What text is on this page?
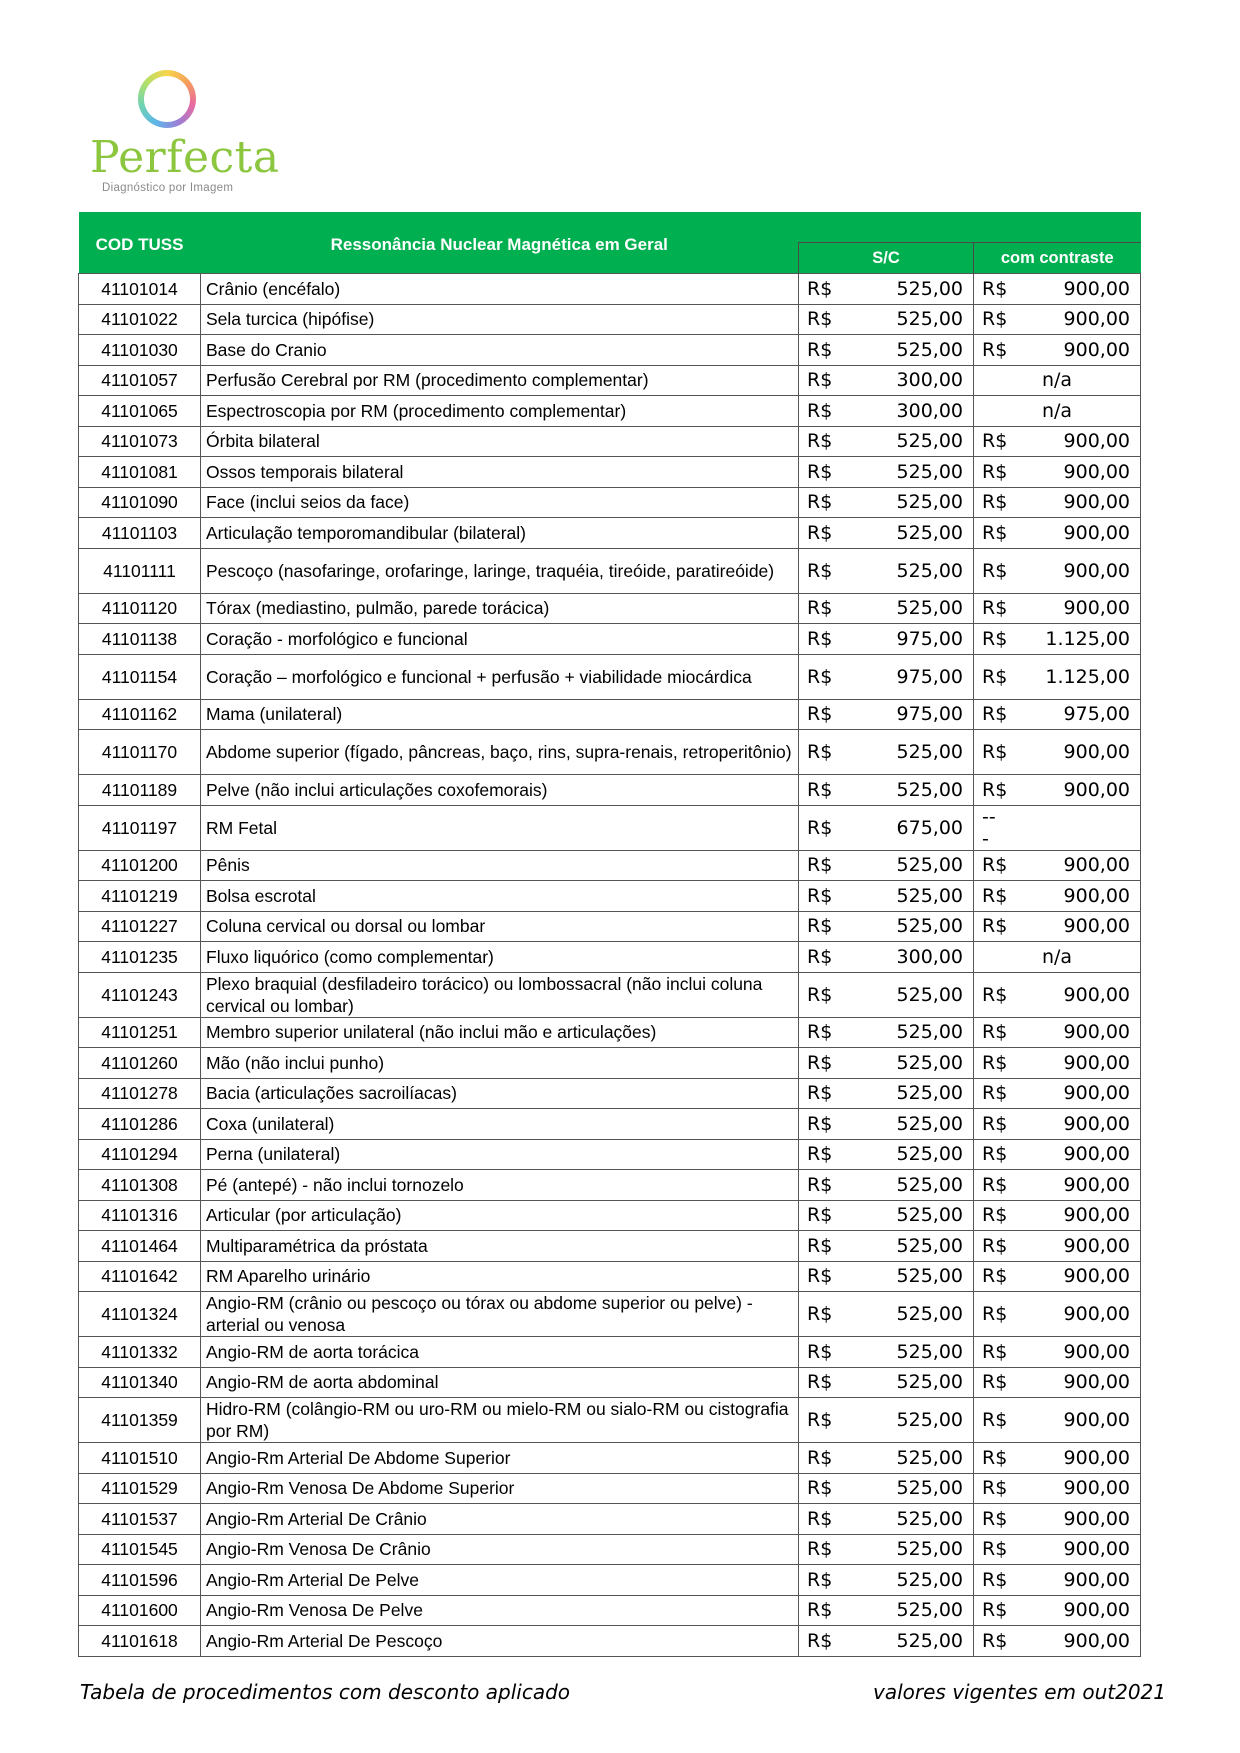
Perfecta
Diagnóstico por Imagem
COD TUSS	Ressonância Nuclear Magnética em Geral				
		S/C		com contraste	
41101014	Crânio (encéfalo)	R$	525,00	R$	900,00
41101022	Sela turcica (hipófise)	R$	525,00	R$	900,00
41101030	Base do Cranio	R$	525,00	R$	900,00
41101057	Perfusão Cerebral por RM (procedimento complementar)	R$	300,00	n/a	
41101065	Espectroscopia por RM (procedimento complementar)	R$	300,00	n/a	
41101073	Órbita bilateral	R$	525,00	R$	900,00
41101081	Ossos temporais bilateral	R$	525,00	R$	900,00
41101090	Face (inclui seios da face)	R$	525,00	R$	900,00
41101103	Articulação temporomandibular (bilateral)	R$	525,00	R$	900,00
41101111	Pescoço (nasofaringe, orofaringe, laringe, traquéia, tireóide, paratireóide)	R$	525,00	R$	900,00
41101120	Tórax (mediastino, pulmão, parede torácica)	R$	525,00	R$	900,00
41101138	Coração - morfológico e funcional	R$	975,00	R$	1.125,00
41101154	Coração – morfológico e funcional + perfusão + viabilidade miocárdica	R$	975,00	R$	1.125,00
41101162	Mama (unilateral)	R$	975,00	R$	975,00
41101170	Abdome superior (fígado, pâncreas, baço, rins, supra-renais, retroperitônio)	R$	525,00	R$	900,00
41101189	Pelve (não inclui articulações coxofemorais)	R$	525,00	R$	900,00
41101197	RM Fetal	R$	675,00	---	
41101200	Pênis	R$	525,00	R$	900,00
41101219	Bolsa escrotal	R$	525,00	R$	900,00
41101227	Coluna cervical ou dorsal ou lombar	R$	525,00	R$	900,00
41101235	Fluxo liquórico (como complementar)	R$	300,00	n/a	
41101243	Plexo braquial (desfiladeiro torácico) ou lombossacral (não inclui coluna cervical ou lombar)	R$	525,00	R$	900,00
41101251	Membro superior unilateral (não inclui mão e articulações)	R$	525,00	R$	900,00
41101260	Mão (não inclui punho)	R$	525,00	R$	900,00
41101278	Bacia (articulações sacroilíacas)	R$	525,00	R$	900,00
41101286	Coxa (unilateral)	R$	525,00	R$	900,00
41101294	Perna (unilateral)	R$	525,00	R$	900,00
41101308	Pé (antepé) - não inclui tornozelo	R$	525,00	R$	900,00
41101316	Articular (por articulação)	R$	525,00	R$	900,00
41101464	Multiparamétrica da próstata	R$	525,00	R$	900,00
41101642	RM Aparelho urinário	R$	525,00	R$	900,00
41101324	Angio-RM (crânio ou pescoço ou tórax ou abdome superior ou pelve) - arterial ou venosa	R$	525,00	R$	900,00
41101332	Angio-RM de aorta torácica	R$	525,00	R$	900,00
41101340	Angio-RM de aorta abdominal	R$	525,00	R$	900,00
41101359	Hidro-RM (colângio-RM ou uro-RM ou mielo-RM ou sialo-RM ou cistografia por RM)	R$	525,00	R$	900,00
41101510	Angio-Rm Arterial De Abdome Superior	R$	525,00	R$	900,00
41101529	Angio-Rm Venosa De Abdome Superior	R$	525,00	R$	900,00
41101537	Angio-Rm Arterial De Crânio	R$	525,00	R$	900,00
41101545	Angio-Rm Venosa De Crânio	R$	525,00	R$	900,00
41101596	Angio-Rm Arterial De Pelve	R$	525,00	R$	900,00
41101600	Angio-Rm Venosa De Pelve	R$	525,00	R$	900,00
41101618	Angio-Rm Arterial De Pescoço	R$	525,00	R$	900,00
Tabela de procedimentos com desconto aplicado	valores vigentes em out2021
